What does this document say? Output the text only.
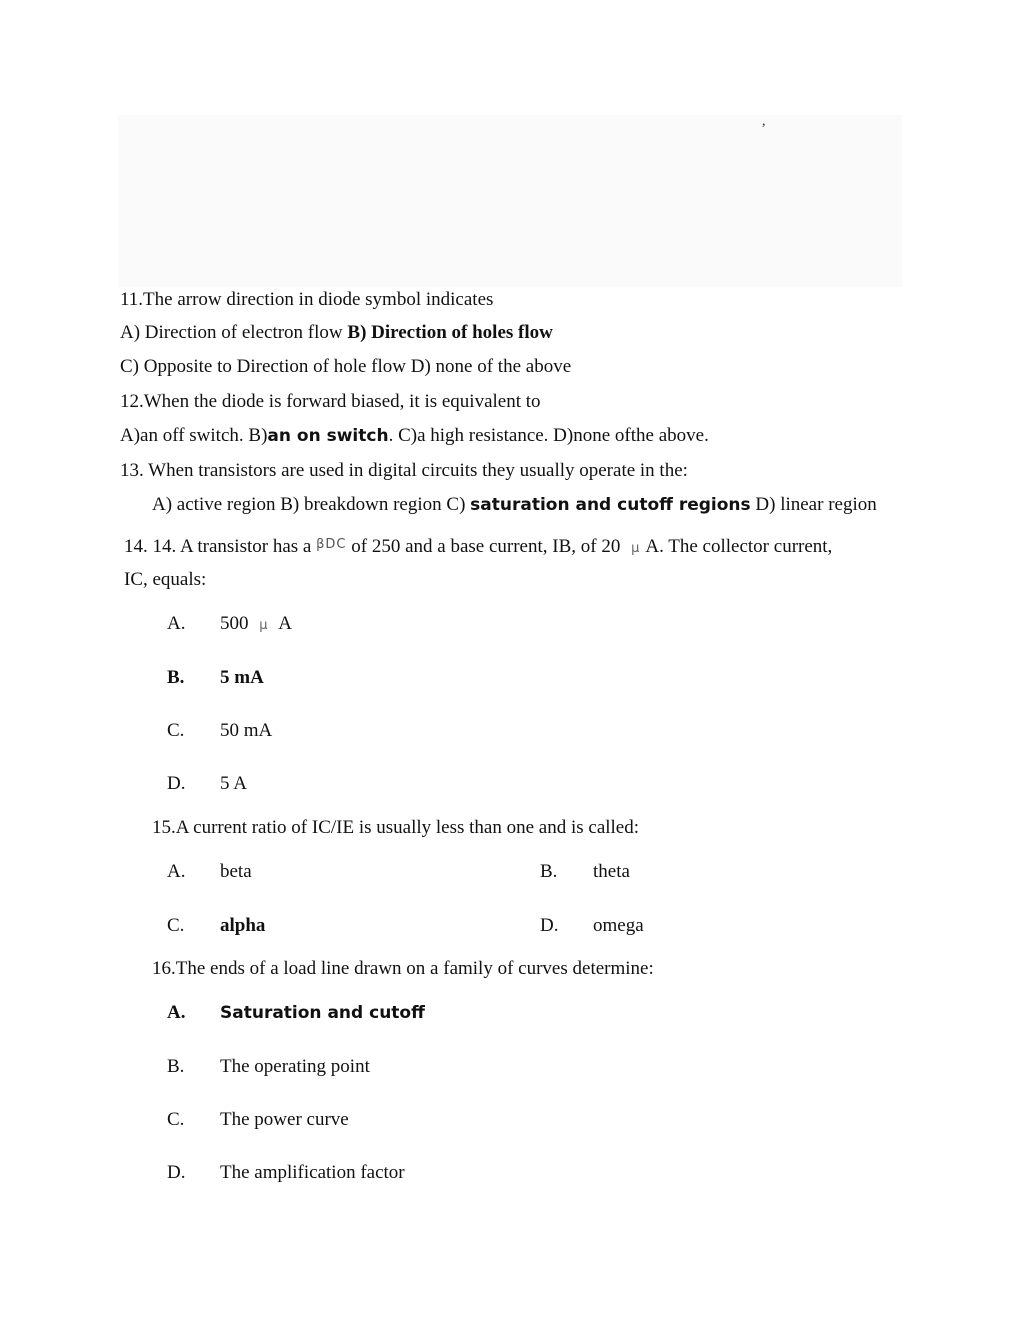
,
11.The arrow direction in diode symbol indicates
A) Direction of electron flow B) Direction of holes flow
C) Opposite to Direction of hole flow D) none of the above
12.When the diode is forward biased, it is equivalent to
A)an off switch. B)an on switch. C)a high resistance. D)none ofthe above.
13. When transistors are used in digital circuits they usually operate in the:
A) active region B) breakdown region C) saturation and cutoff regions D) linear region
14. 14. A transistor has a $^{\beta DC}$ of 250 and a base current, IB, of 20 μ A. The collector current,
IC, equals:
A.	500 μ A
B.	5 mA
C.	50 mA
D.	5 A
15.A current ratio of IC/IE is usually less than one and is called:
A.	beta	B.	theta
C.	alpha	D.	omega
16.The ends of a load line drawn on a family of curves determine:
A.	Saturation and cutoff
B.	The operating point
C.	The power curve
D.	The amplification factor
